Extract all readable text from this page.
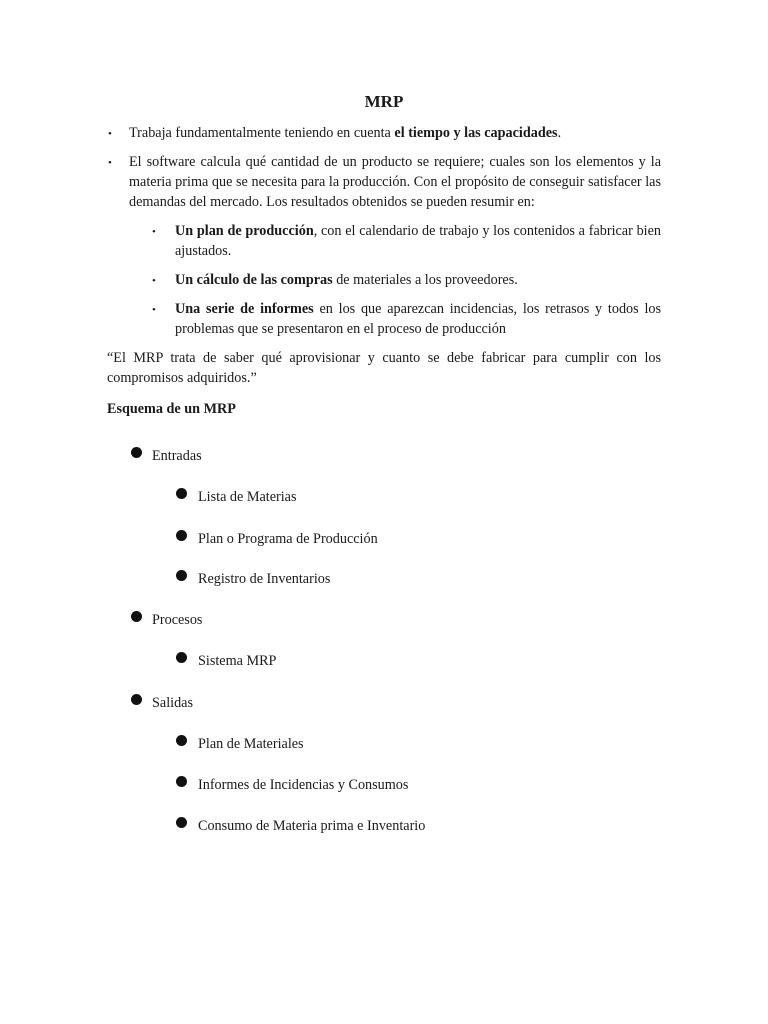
MRP
• Trabaja fundamentalmente teniendo en cuenta el tiempo y las capacidades.
• El software calcula qué cantidad de un producto se requiere; cuales son los elementos y la materia prima que se necesita para la producción. Con el propósito de conseguir satisfacer las demandas del mercado. Los resultados obtenidos se pueden resumir en:
• Un plan de producción, con el calendario de trabajo y los contenidos a fabricar bien ajustados.
• Un cálculo de las compras de materiales a los proveedores.
• Una serie de informes en los que aparezcan incidencias, los retrasos y todos los problemas que se presentaron en el proceso de producción
“El MRP trata de saber qué aprovisionar y cuanto se debe fabricar para cumplir con los compromisos adquiridos.”
Esquema de un MRP
Entradas
Lista de Materias
Plan o Programa de Producción
Registro de Inventarios
Procesos
Sistema MRP
Salidas
Plan de Materiales
Informes de Incidencias y Consumos
Consumo de Materia prima e Inventario
